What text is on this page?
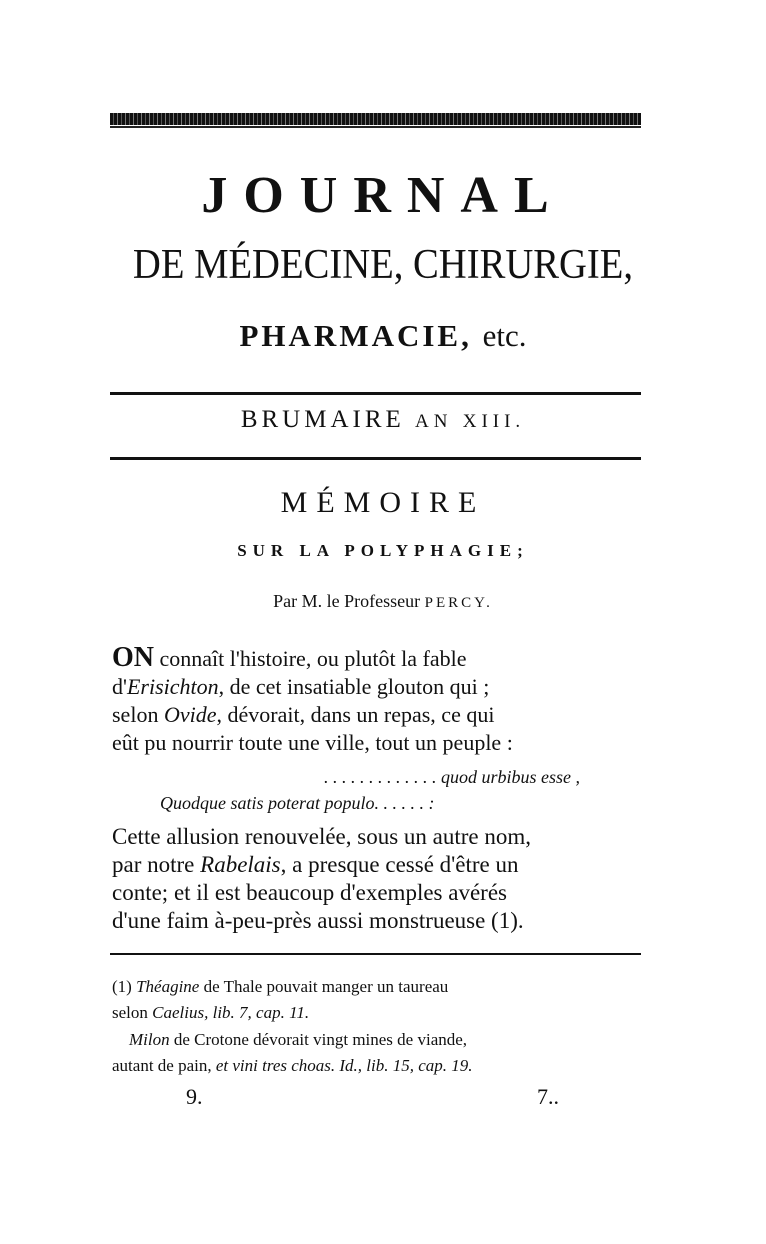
JOURNAL
DE MÉDECINE, CHIRURGIE,
PHARMACIE, etc.
BRUMAIRE AN XIII.
MÉMOIRE
SUR LA POLYPHAGIE;
Par M. le Professeur PERCY.
ON connaît l'histoire, ou plutôt la fable
d'Erisichton, de cet insatiable glouton qui ;
selon Ovide, dévorait, dans un repas, ce qui
eût pu nourrir toute une ville, tout un peuple :
. . . . . . . . . . . . . quod urbibus esse ,
Quodque satis poterat populo. . . . . . :
Cette allusion renouvelée, sous un autre nom,
par notre Rabelais, a presque cessé d'être un
conte; et il est beaucoup d'exemples avérés
d'une faim à-peu-près aussi monstrueuse (1).
(1) Théagine de Thale pouvait manger un taureau
selon Caelius, lib. 7, cap. 11.
Milon de Crotone dévorait vingt mines de viande,
autant de pain, et vini tres choas. Id., lib. 15, cap. 19.
9.	7..
